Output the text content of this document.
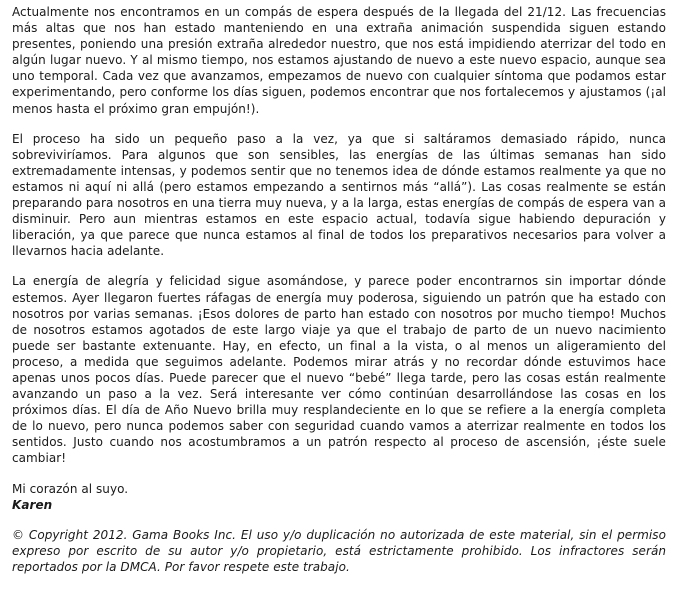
Actualmente nos encontramos en un compás de espera después de la llegada del 21/12. Las frecuencias más altas que nos han estado manteniendo en una extraña animación suspendida siguen estando presentes, poniendo una presión extraña alrededor nuestro, que nos está impidiendo aterrizar del todo en algún lugar nuevo. Y al mismo tiempo, nos estamos ajustando de nuevo a este nuevo espacio, aunque sea uno temporal. Cada vez que avanzamos, empezamos de nuevo con cualquier síntoma que podamos estar experimentando, pero conforme los días siguen, podemos encontrar que nos fortalecemos y ajustamos (¡al menos hasta el próximo gran empujón!).

El proceso ha sido un pequeño paso a la vez, ya que si saltáramos demasiado rápido, nunca sobreviviríamos. Para algunos que son sensibles, las energías de las últimas semanas han sido extremadamente intensas, y podemos sentir que no tenemos idea de dónde estamos realmente ya que no estamos ni aquí ni allá (pero estamos empezando a sentirnos más “allá”). Las cosas realmente se están preparando para nosotros en una tierra muy nueva, y a la larga, estas energías de compás de espera van a disminuir. Pero aun mientras estamos en este espacio actual, todavía sigue habiendo depuración y liberación, ya que parece que nunca estamos al final de todos los preparativos necesarios para volver a llevarnos hacia adelante.

La energía de alegría y felicidad sigue asomándose, y parece poder encontrarnos sin importar dónde estemos. Ayer llegaron fuertes ráfagas de energía muy poderosa, siguiendo un patrón que ha estado con nosotros por varias semanas. ¡Esos dolores de parto han estado con nosotros por mucho tiempo! Muchos de nosotros estamos agotados de este largo viaje ya que el trabajo de parto de un nuevo nacimiento puede ser bastante extenuante. Hay, en efecto, un final a la vista, o al menos un aligeramiento del proceso, a medida que seguimos adelante. Podemos mirar atrás y no recordar dónde estuvimos hace apenas unos pocos días. Puede parecer que el nuevo “bebé” llega tarde, pero las cosas están realmente avanzando un paso a la vez. Será interesante ver cómo continúan desarrollándose las cosas en los próximos días. El día de Año Nuevo brilla muy resplandeciente en lo que se refiere a la energía completa de lo nuevo, pero nunca podemos saber con seguridad cuando vamos a aterrizar realmente en todos los sentidos. Justo cuando nos acostumbramos a un patrón respecto al proceso de ascensión, ¡éste suele cambiar!

Mi corazón al suyo.
Karen

© Copyright 2012. Gama Books Inc. El uso y/o duplicación no autorizada de este material, sin el permiso expreso por escrito de su autor y/o propietario, está estrictamente prohibido. Los infractores serán reportados por la DMCA. Por favor respete este trabajo.
